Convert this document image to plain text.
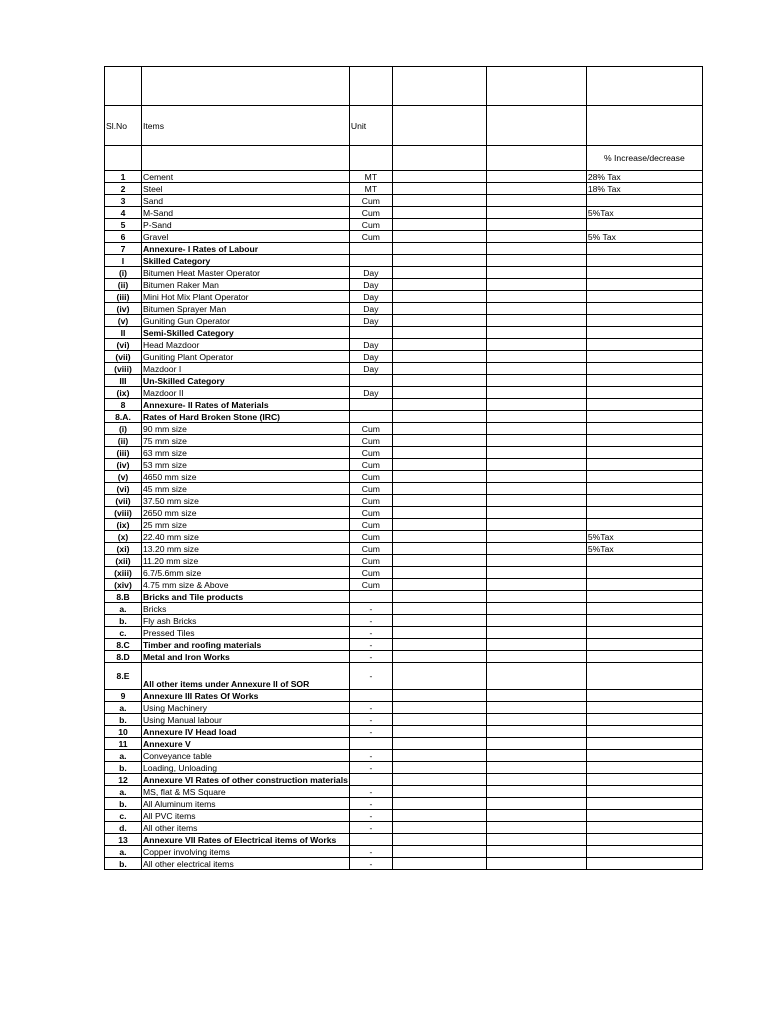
Sl.No	Items	Unit			
					% Increase/decrease
1	Cement	MT			28% Tax
2	Steel	MT			18% Tax
3	Sand	Cum			
4	M-Sand	Cum			5%Tax
5	P-Sand	Cum			
6	Gravel	Cum			5% Tax
7	Annexure- I Rates of Labour				
I	Skilled Category				
(i)	Bitumen Heat Master Operator	Day			
(ii)	Bitumen Raker Man	Day			
(iii)	Mini Hot Mix Plant Operator	Day			
(iv)	Bitumen Sprayer Man	Day			
(v)	Guniting Gun Operator	Day			
II	Semi-Skilled Category				
(vi)	Head Mazdoor	Day			
(vii)	Guniting Plant Operator	Day			
(viii)	Mazdoor I	Day			
III	Un-Skilled Category				
(ix)	Mazdoor II	Day			
8	Annexure- II Rates of Materials				
8.A.	Rates of Hard Broken Stone (IRC)				
(i)	90 mm size	Cum			
(ii)	75 mm size	Cum			
(iii)	63 mm size	Cum			
(iv)	53 mm size	Cum			
(v)	4650 mm size	Cum			
(vi)	45 mm size	Cum			
(vii)	37.50 mm size	Cum			
(viii)	2650 mm size	Cum			
(ix)	25 mm size	Cum			
(x)	22.40 mm size	Cum			5%Tax
(xi)	13.20 mm size	Cum			5%Tax
(xii)	11.20 mm size	Cum			
(xiii)	6.7/5.6mm size	Cum			
(xiv)	4.75 mm size & Above	Cum			
8.B	Bricks and Tile products				
a.	Bricks	-			
b.	Fly ash Bricks	-			
c.	Pressed Tiles	-			
8.C	Timber and roofing materials	-			
8.D	Metal and Iron Works	-			
8.E	All other items under Annexure II of SOR	-			
9	Annexure III Rates Of Works				
a.	Using Machinery	-			
b.	Using Manual labour	-			
10	Annexure IV Head load	-			
11	Annexure V				
a.	Conveyance table	-			
b.	Loading, Unloading	-			
12	Annexure VI Rates of other construction materials				
a.	MS, flat & MS Square	-			
b.	All Aluminum items	-			
c.	All PVC items	-			
d.	All other items	-			
13	Annexure VII Rates of Electrical items of Works				
a.	Copper involving items	-			
b.	All other electrical items	-			
